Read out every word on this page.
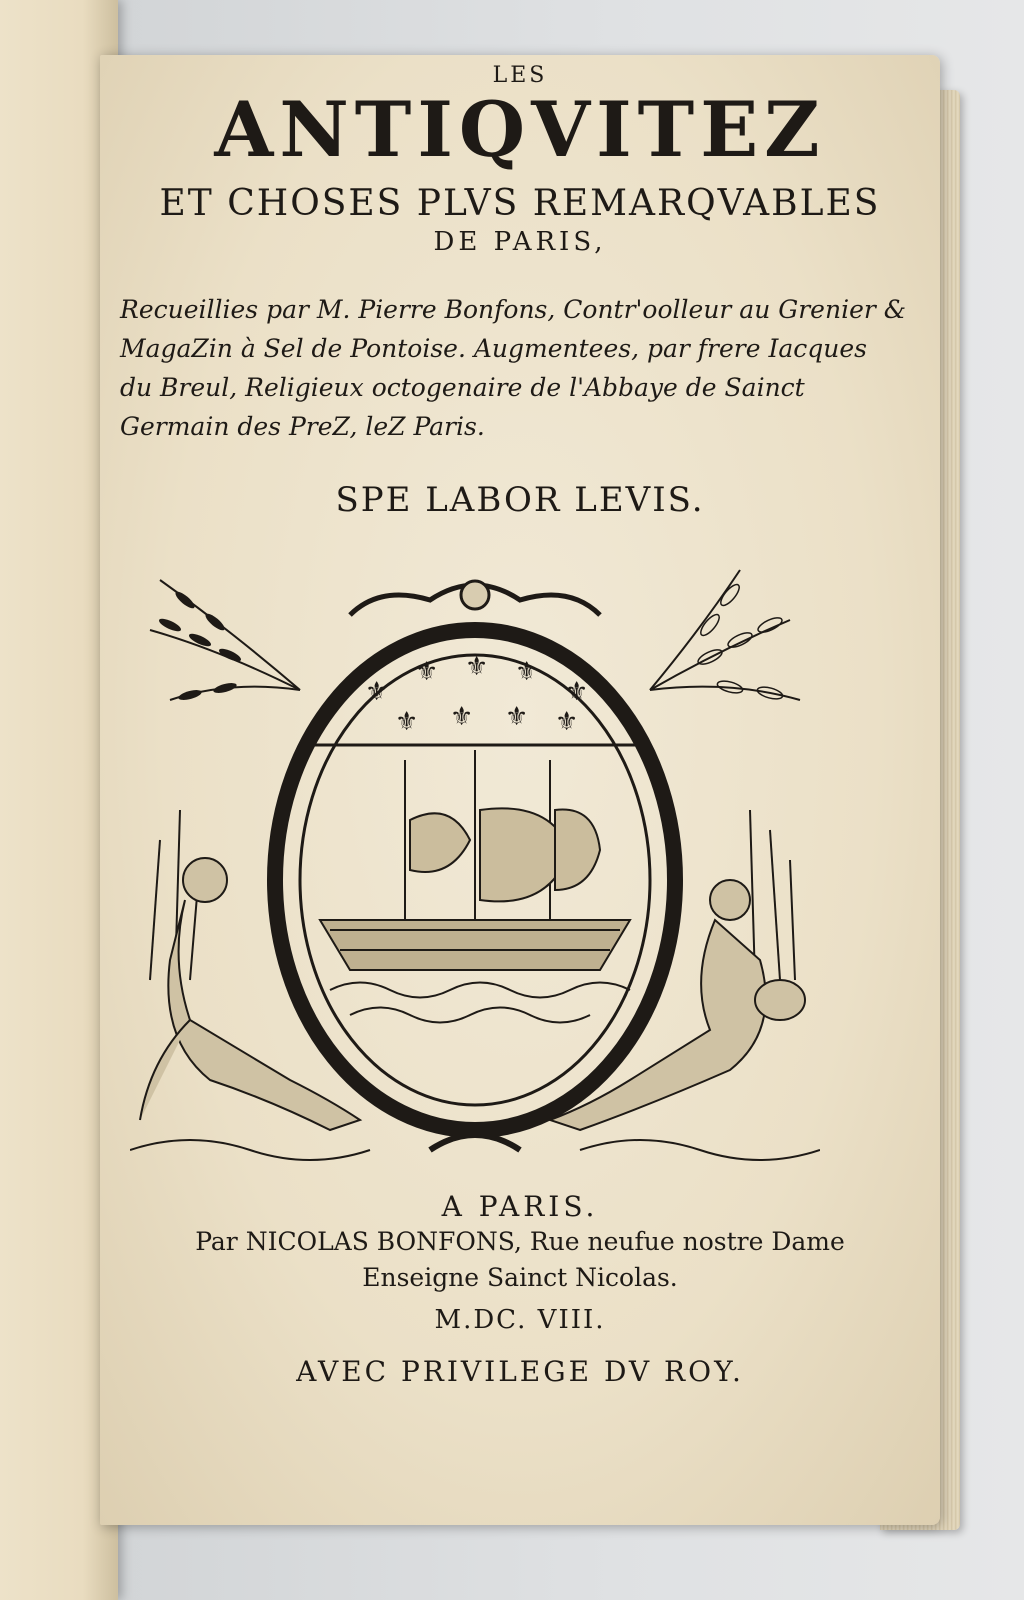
LES
ANTIQVITEZ
ET CHOSES PLVS REMARQVABLES
DE PARIS,
Recueillies par M. Pierre Bonfons, Contr'oolleur au Grenier &
MagaZin à Sel de Pontoise. Augmentees, par frere Iacques
du Breul, Religieux octogenaire de l'Abbaye de Sainct
Germain des PreZ, leZ Paris.
SPE LABOR LEVIS.
⚜
⚜ ⚜ ⚜
⚜
⚜ ⚜ ⚜ ⚜
A PARIS.
Par NICOLAS BONFONS, Rue neufue nostre Dame
Enseigne Sainct Nicolas.
M.DC. VIII.
AVEC PRIVILEGE DV ROY.
